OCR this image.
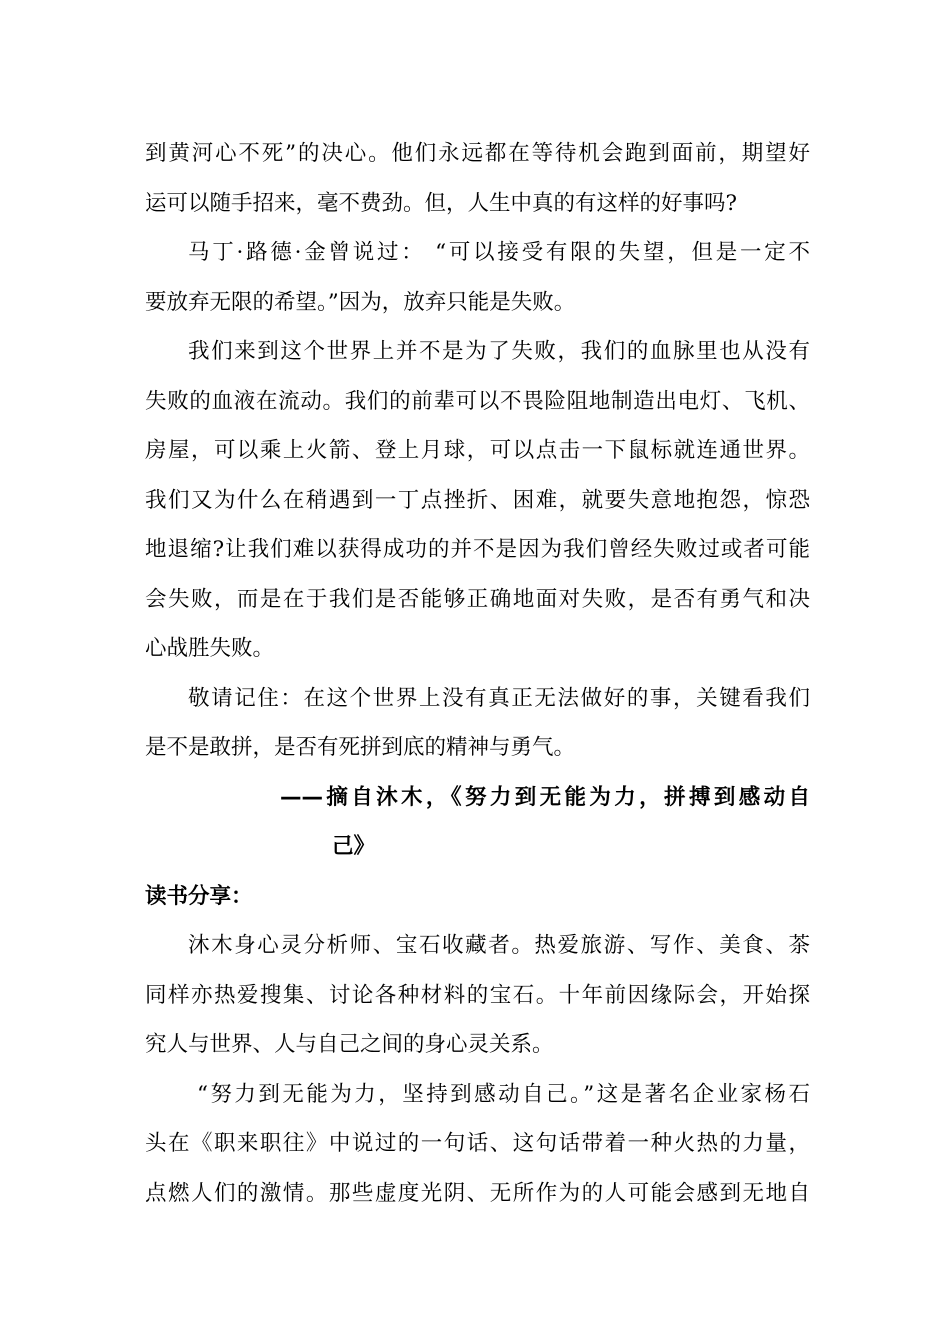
到黄河心不死”的决心。他们永远都在等待机会跑到面前，期望好
运可以随手招来，毫不费劲。但，人生中真的有这样的好事吗?
马丁·路德·金曾说过： “可以接受有限的失望，但是一定不
要放弃无限的希望。”因为，放弃只能是失败。
我们来到这个世界上并不是为了失败，我们的血脉里也从没有
失败的血液在流动。我们的前辈可以不畏险阻地制造出电灯、飞机、
房屋，可以乘上火箭、登上月球，可以点击一下鼠标就连通世界。
我们又为什么在稍遇到一丁点挫折、困难，就要失意地抱怨，惊恐
地退缩?让我们难以获得成功的并不是因为我们曾经失败过或者可能
会失败，而是在于我们是否能够正确地面对失败，是否有勇气和决
心战胜失败。
敬请记住：在这个世界上没有真正无法做好的事，关键看我们
是不是敢拼，是否有死拼到底的精神与勇气。
——摘自沐木，《努力到无能为力，拼搏到感动自
己》
读书分享：
沐木身心灵分析师、宝石收藏者。热爱旅游、写作、美食、茶
同样亦热爱搜集、讨论各种材料的宝石。十年前因缘际会，开始探
究人与世界、人与自己之间的身心灵关系。
“努力到无能为力，坚持到感动自己。”这是著名企业家杨石
头在《职来职往》中说过的一句话、这句话带着一种火热的力量，
点燃人们的激情。那些虚度光阴、无所作为的人可能会感到无地自
